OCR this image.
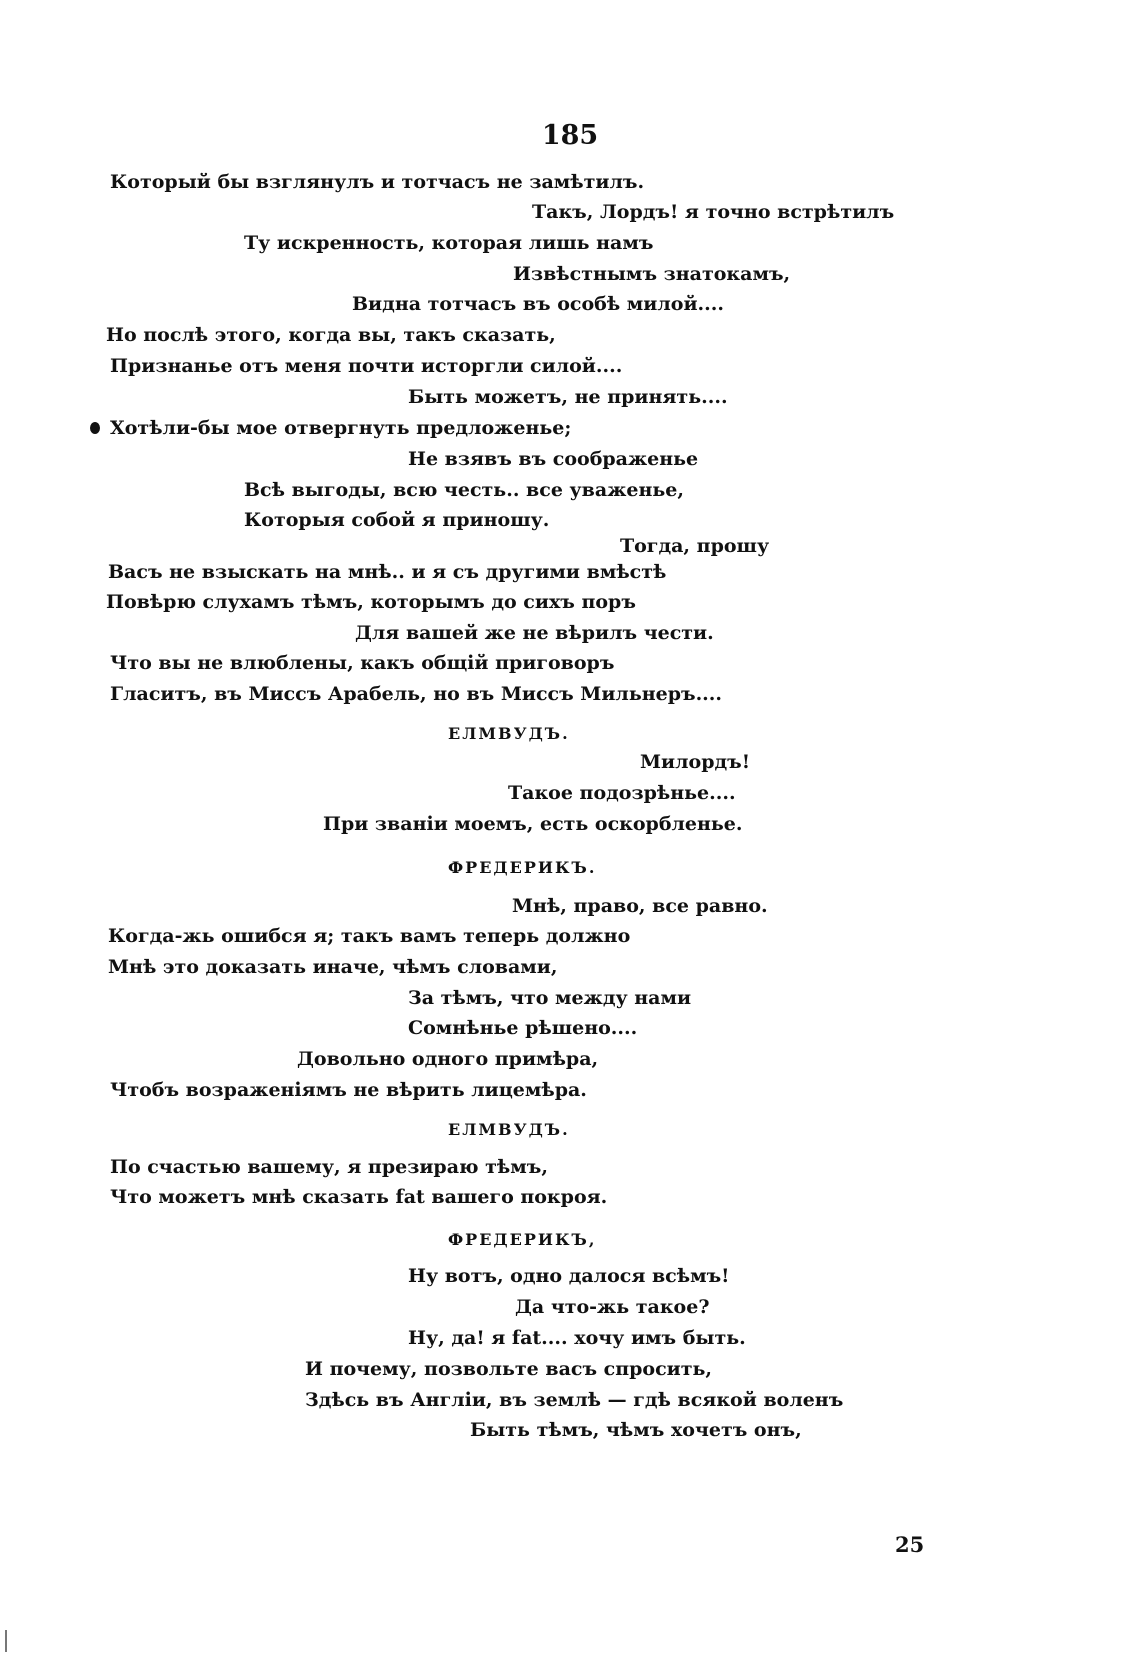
185
Который бы взглянулъ и тотчасъ не замѣтилъ.
Такъ, Лордъ! я точно встрѣтилъ
Ту искренность, которая лишь намъ
Извѣстнымъ знатокамъ,
Видна тотчасъ въ особѣ милой....
Но послѣ этого, когда вы, такъ сказать,
Признанье отъ меня почти исторгли силой....
Быть можетъ, не принять....
Хотѣли-бы мое отвергнуть предложенье;
Не взявъ въ соображенье
Всѣ выгоды, всю честь.. все уваженье,
Которыя собой я приношу.
Тогда, прошу
Васъ не взыскать на мнѣ.. и я съ другими вмѣстѣ
Повѣрю слухамъ тѣмъ, которымъ до сихъ поръ
Для вашей же не вѣрилъ чести.
Что вы не влюблены, какъ общій приговоръ
Гласитъ, въ Миссъ Арабель, но въ Миссъ Мильнеръ....
ЕЛМВУДЪ.
Милордъ!
Такое подозрѣнье....
При званіи моемъ, есть оскорбленье.
ФРЕДЕРИКЪ.
Мнѣ, право, все равно.
Когда-жь ошибся я; такъ вамъ теперь должно
Мнѣ это доказать иначе, чѣмъ словами,
За тѣмъ, что между нами
Сомнѣнье рѣшено....
Довольно одного примѣра,
Чтобъ возраженіямъ не вѣрить лицемѣра.
ЕЛМВУДЪ.
По счастью вашему, я презираю тѣмъ,
Что можетъ мнѣ сказать fat вашего покроя.
ФРЕДЕРИКЪ,
Ну вотъ, одно далося всѣмъ!
Да что-жь такое?
Ну, да! я fat.... хочу имъ быть.
И почему, позвольте васъ спросить,
Здѣсь въ Англіи, въ землѣ — гдѣ всякой воленъ
Быть тѣмъ, чѣмъ хочетъ онъ,
25
